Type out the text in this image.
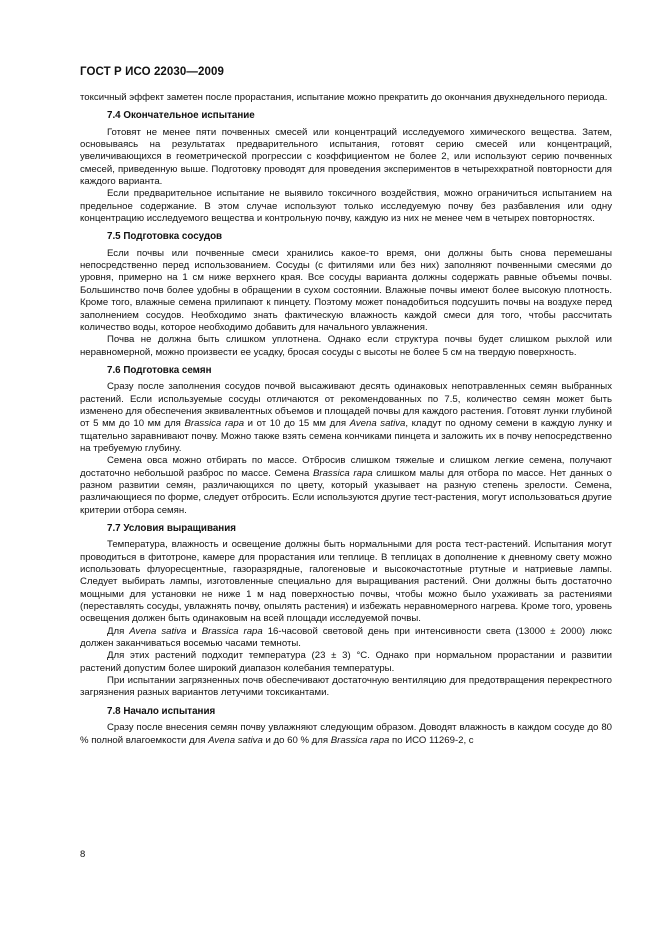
ГОСТ Р ИСО 22030—2009

токсичный эффект заметен после прорастания, испытание можно прекратить до окончания двухнедельного периода.

7.4 Окончательное испытание

Готовят не менее пяти почвенных смесей или концентраций исследуемого химического вещества. Затем, основываясь на результатах предварительного испытания, готовят серию смесей или концентраций, увеличивающихся в геометрической прогрессии с коэффициентом не более 2, или используют серию почвенных смесей, приведенную выше. Подготовку проводят для проведения экспериментов в четырехкратной повторности для каждого варианта.

Если предварительное испытание не выявило токсичного воздействия, можно ограничиться испытанием на предельное содержание. В этом случае используют только исследуемую почву без разбавления или одну концентрацию исследуемого вещества и контрольную почву, каждую из них не менее чем в четырех повторностях.

7.5 Подготовка сосудов

Если почвы или почвенные смеси хранились какое-то время, они должны быть снова перемешаны непосредственно перед использованием. Сосуды (с фитилями или без них) заполняют почвенными смесями до уровня, примерно на 1 см ниже верхнего края. Все сосуды варианта должны содержать равные объемы почвы. Большинство почв более удобны в обращении в сухом состоянии. Влажные почвы имеют более высокую плотность. Кроме того, влажные семена прилипают к пинцету. Поэтому может понадобиться подсушить почвы на воздухе перед заполнением сосудов. Необходимо знать фактическую влажность каждой смеси для того, чтобы рассчитать количество воды, которое необходимо добавить для начального увлажнения.

Почва не должна быть слишком уплотнена. Однако если структура почвы будет слишком рыхлой или неравномерной, можно произвести ее усадку, бросая сосуды с высоты не более 5 см на твердую поверхность.

7.6 Подготовка семян

Сразу после заполнения сосудов почвой высаживают десять одинаковых непотравленных семян выбранных растений. Если используемые сосуды отличаются от рекомендованных по 7.5, количество семян может быть изменено для обеспечения эквивалентных объемов и площадей почвы для каждого растения. Готовят лунки глубиной от 5 мм до 10 мм для Brassica rapa и от 10 до 15 мм для Avena sativa, кладут по одному семени в каждую лунку и тщательно заравнивают почву. Можно также взять семена кончиками пинцета и заложить их в почву непосредственно на требуемую глубину.

Семена овса можно отбирать по массе. Отбросив слишком тяжелые и слишком легкие семена, получают достаточно небольшой разброс по массе. Семена Brassica rapa слишком малы для отбора по массе. Нет данных о разном развитии семян, различающихся по цвету, который указывает на разную степень зрелости. Семена, различающиеся по форме, следует отбросить. Если используются другие тест-растения, могут использоваться другие критерии отбора семян.

7.7 Условия выращивания

Температура, влажность и освещение должны быть нормальными для роста тест-растений. Испытания могут проводиться в фитотроне, камере для прорастания или теплице. В теплицах в дополнение к дневному свету можно использовать флуоресцентные, газоразрядные, галогеновые и высокочастотные ртутные и натриевые лампы. Следует выбирать лампы, изготовленные специально для выращивания растений. Они должны быть достаточно мощными для установки не ниже 1 м над поверхностью почвы, чтобы можно было ухаживать за растениями (переставлять сосуды, увлажнять почву, опылять растения) и избежать неравномерного нагрева. Кроме того, уровень освещения должен быть одинаковым на всей площади исследуемой почвы.

Для Avena sativa и Brassica rapa 16-часовой световой день при интенсивности света (13000 ± 2000) люкс должен заканчиваться восемью часами темноты.

Для этих растений подходит температура (23 ± 3) °С. Однако при нормальном прорастании и развитии растений допустим более широкий диапазон колебания температуры.

При испытании загрязненных почв обеспечивают достаточную вентиляцию для предотвращения перекрестного загрязнения разных вариантов летучими токсикантами.

7.8 Начало испытания

Сразу после внесения семян почву увлажняют следующим образом. Доводят влажность в каждом сосуде до 80 % полной влагоемкости для Avena sativa и до 60 % для Brassica rapa по ИСО 11269-2, с

8
